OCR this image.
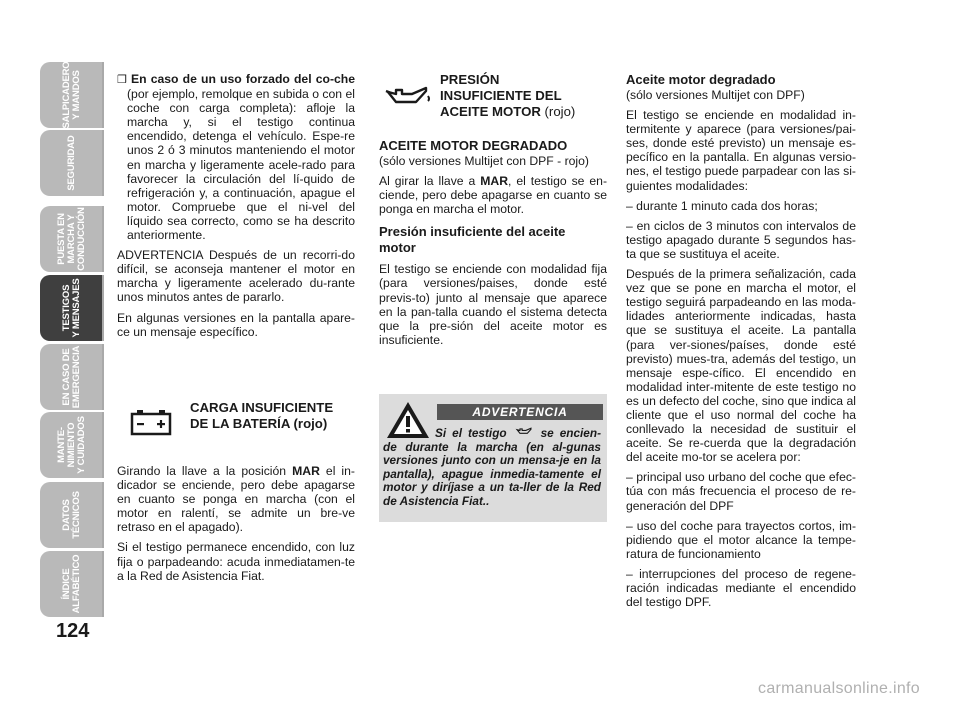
SALPICADERO
Y MANDOS
SEGURIDAD
PUESTA EN
MARCHA Y
CONDUCCIÓN
TESTIGOS
Y MENSAJES
EN CASO DE
EMERGENCIA
MANTE-
NIMIENTO
Y CUIDADOS
DATOS
TÉCNICOS
ÍNDICE
ALFABÉTICO
124

❒ En caso de un uso forzado del co-che (por ejemplo, remolque en subida o con el coche con carga completa): afloje la marcha y, si el testigo continua encendido, detenga el vehículo. Espe-re unos 2 ó 3 minutos manteniendo el motor en marcha y ligeramente acele-rado para favorecer la circulación del lí-quido de refrigeración y, a continuación, apague el motor. Compruebe que el ni-vel del líquido sea correcto, como se ha descrito anteriormente.

ADVERTENCIA Después de un recorri-do difícil, se aconseja mantener el motor en marcha y ligeramente acelerado du-rante unos minutos antes de pararlo.

En algunas versiones en la pantalla apare-ce un mensaje específico.

CARGA INSUFICIENTE
DE LA BATERÍA (rojo)

Girando la llave a la posición MAR el in-dicador se enciende, pero debe apagarse en cuanto se ponga en marcha (con el motor en ralentí, se admite un bre-ve retraso en el apagado).

Si el testigo permanece encendido, con luz fija o parpadeando: acuda inmediatamen-te a la Red de Asistencia Fiat.

PRESIÓN
INSUFICIENTE DEL
ACEITE MOTOR (rojo)
ACEITE MOTOR DEGRADADO

(sólo versiones Multijet con DPF - rojo)

Al girar la llave a MAR, el testigo se en-ciende, pero debe apagarse en cuanto se ponga en marcha el motor.

Presión insuficiente del aceite
motor

El testigo se enciende con modalidad fija (para versiones/paises, donde esté previs-to) junto al mensaje que aparece en la pan-talla cuando el sistema detecta que la pre-sión del aceite motor es insuficiente.

ADVERTENCIA
Si el testigo  se encien-de durante la marcha (en al-gunas versiones junto con un mensa-je en la pantalla), apague inmedia-tamente el motor y diríjase a un ta-ller de la Red de Asistencia Fiat..
Aceite motor degradado

(sólo versiones Multijet con DPF)

El testigo se enciende en modalidad in-termitente y aparece (para versiones/pai-ses, donde esté previsto) un mensaje es-pecífico en la pantalla. En algunas versio-nes, el testigo puede parpadear con las si-guientes modalidades:

– durante 1 minuto cada dos horas;

– en ciclos de 3 minutos con intervalos de testigo apagado durante 5 segundos has-ta que se sustituya el aceite.

Después de la primera señalización, cada vez que se pone en marcha el motor, el testigo seguirá parpadeando en las moda-lidades anteriormente indicadas, hasta que se sustituya el aceite. La pantalla (para ver-siones/países, donde esté previsto) mues-tra, además del testigo, un mensaje espe-cífico. El encendido en modalidad inter-mitente de este testigo no es un defecto del coche, sino que indica al cliente que el uso normal del coche ha conllevado la necesidad de sustituir el aceite. Se re-cuerda que la degradación del aceite mo-tor se acelera por:

– principal uso urbano del coche que efec-túa con más frecuencia el proceso de re-generación del DPF

– uso del coche para trayectos cortos, im-pidiendo que el motor alcance la tempe-ratura de funcionamiento

– interrupciones del proceso de regene-ración indicadas mediante el encendido del testigo DPF.

carmanualsonline.info
